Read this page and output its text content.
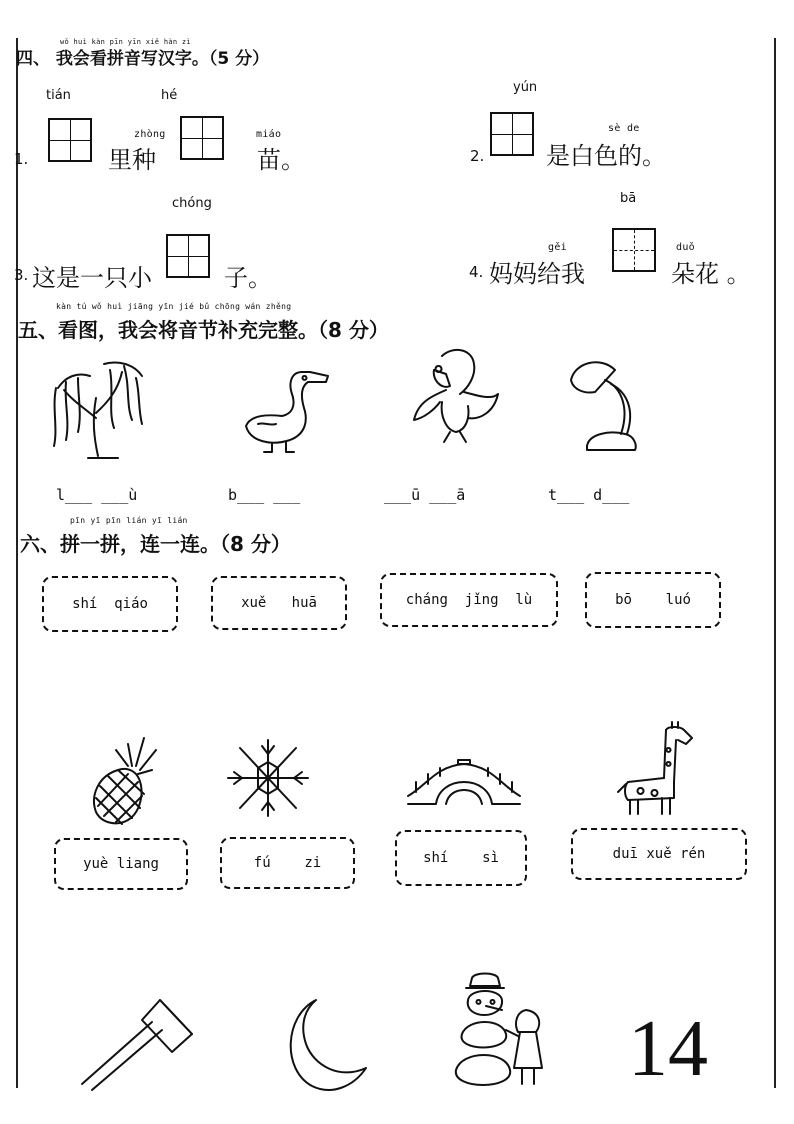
wǒ huì kàn pīn yīn xiě hàn zì
四、 我会看拼音写汉字。（5 分）
tián	hé
1.
zhòng
里种
miáo
苗。
yún
2.
sè de
是白色的。
chóng
3. 这是一只小	子。
bā
4.
gěi
妈妈给我
duǒ
朵花 。
kàn tú wǒ huì jiāng yīn jié bǔ chōng wán zhěng
五、看图，我会将音节补充完整。（8 分）
l___ ___ù	b___ ___	___ū ___ā	t___ d___
pīn yī pīn lián yī lián
六、拼一拼，连一连。（8 分）
shí  qiáo	xuě   huā	cháng  jǐng  lù	bō    luó
yuè liang	fú    zi	shí    sì	duī xuě rén
14
